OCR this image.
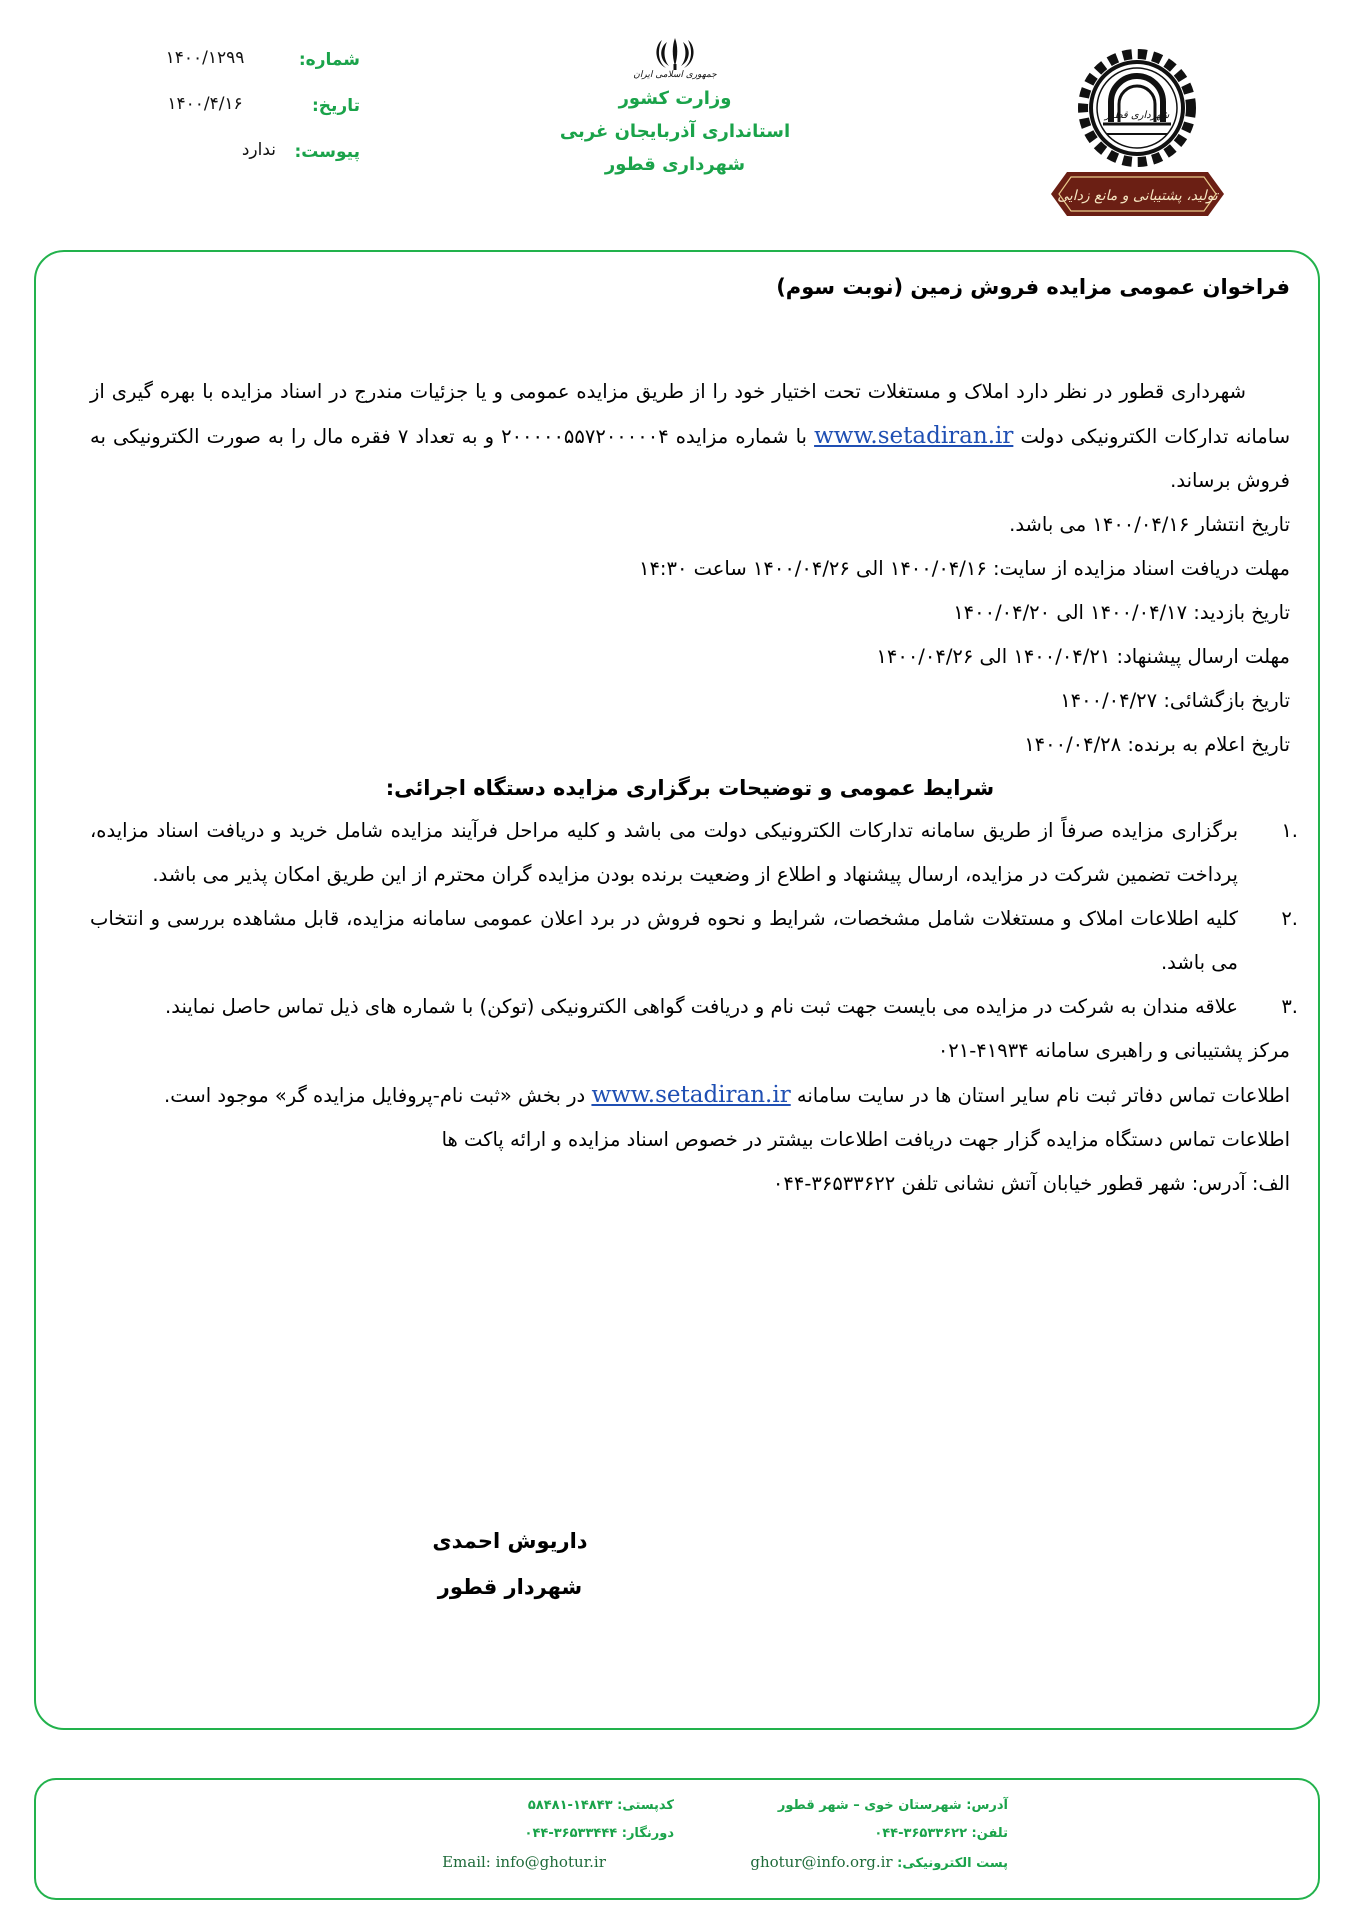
جمهوری اسلامی ایران
وزارت کشور
استانداری آذربایجان غربی
شهرداری قطور
شماره:
تاریخ:
پیوست:
۱۴۰۰/۱۲۹۹
۱۴۰۰/۴/۱۶
ندارد
شهرداری قطور
تولید، پشتیبانی و مانع زدایی
فراخوان عمومی مزایده فروش زمین (نوبت سوم)

شهرداری قطور در نظر دارد املاک و مستغلات تحت اختیار خود را از طریق مزایده عمومی و یا جزئیات مندرج در اسناد مزایده با بهره گیری از سامانه تدارکات الکترونیکی دولت www.setadiran.ir با شماره مزایده ۲۰۰۰۰۰۵۵۷۲۰۰۰۰۰۴ و به تعداد ۷ فقره مال را به صورت الکترونیکی به فروش برساند.

تاریخ انتشار ۱۴۰۰/۰۴/۱۶ می باشد.
مهلت دریافت اسناد مزایده از سایت: ۱۴۰۰/۰۴/۱۶ الی ۱۴۰۰/۰۴/۲۶ ساعت ۱۴:۳۰
تاریخ بازدید: ۱۴۰۰/۰۴/۱۷ الی ۱۴۰۰/۰۴/۲۰
مهلت ارسال پیشنهاد: ۱۴۰۰/۰۴/۲۱ الی ۱۴۰۰/۰۴/۲۶
تاریخ بازگشائی: ۱۴۰۰/۰۴/۲۷
تاریخ اعلام به برنده: ۱۴۰۰/۰۴/۲۸
شرایط عمومی و توضیحات برگزاری مزایده دستگاه اجرائی:
.۱
برگزاری مزایده صرفاً از طریق سامانه تدارکات الکترونیکی دولت می باشد و کلیه مراحل فرآیند مزایده شامل خرید و دریافت اسناد مزایده، پرداخت تضمین شرکت در مزایده، ارسال پیشنهاد و اطلاع از وضعیت برنده بودن مزایده گران محترم از این طریق امکان پذیر می باشد.
.۲
کلیه اطلاعات املاک و مستغلات شامل مشخصات، شرایط و نحوه فروش در برد اعلان عمومی سامانه مزایده، قابل مشاهده بررسی و انتخاب می باشد.
.۳
علاقه مندان به شرکت در مزایده می بایست جهت ثبت نام و دریافت گواهی الکترونیکی (توکن) با شماره های ذیل تماس حاصل نمایند.
مرکز پشتیبانی و راهبری سامانه ۴۱۹۳۴-۰۲۱

اطلاعات تماس دفاتر ثبت نام سایر استان ها در سایت سامانه www.setadiran.ir در بخش «ثبت نام-پروفایل مزایده گر» موجود است.

اطلاعات تماس دستگاه مزایده گزار جهت دریافت اطلاعات بیشتر در خصوص اسناد مزایده و ارائه پاکت ها
الف: آدرس: شهر قطور خیابان آتش نشانی تلفن ۳۶۵۳۳۶۲۲-۰۴۴
داریوش احمدی
شهردار قطور
آدرس: شهرستان خوی – شهر قطور
تلفن: ۳۶۵۳۳۶۲۲-۰۴۴
پست الکترونیکی: ghotur@info.org.ir
کدپستی: ۱۴۸۴۳-۵۸۴۸۱
دورنگار: ۳۶۵۳۳۴۴۴-۰۴۴
Email: info@ghotur.ir
